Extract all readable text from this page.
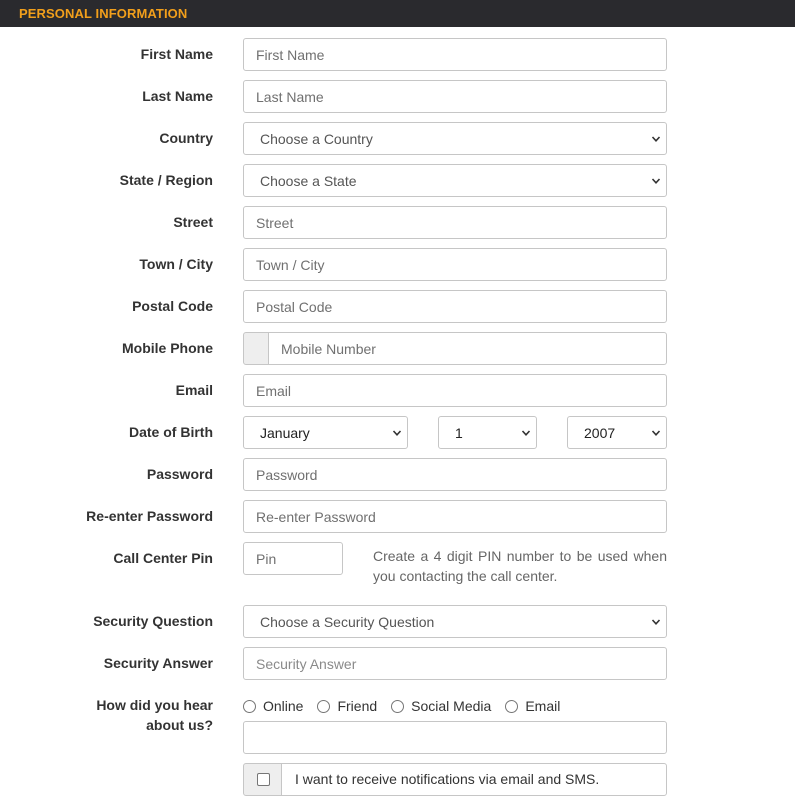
PERSONAL INFORMATION
First Name	First Name
Last Name	Last Name
Country	Choose a Country
State / Region	Choose a State
Street	Street
Town / City	Town / City
Postal Code	Postal Code
Mobile Phone	Mobile Number
Email	Email
Date of Birth	January	1	2007
Password	Password
Re-enter Password	Re-enter Password
Call Center Pin	Pin	Create a 4 digit PIN number to be used when you contacting the call center.
Security Question	Choose a Security Question
Security Answer	Security Answer
How did you hear about us?
Online Friend Social Media Email
I want to receive notifications via email and SMS.
